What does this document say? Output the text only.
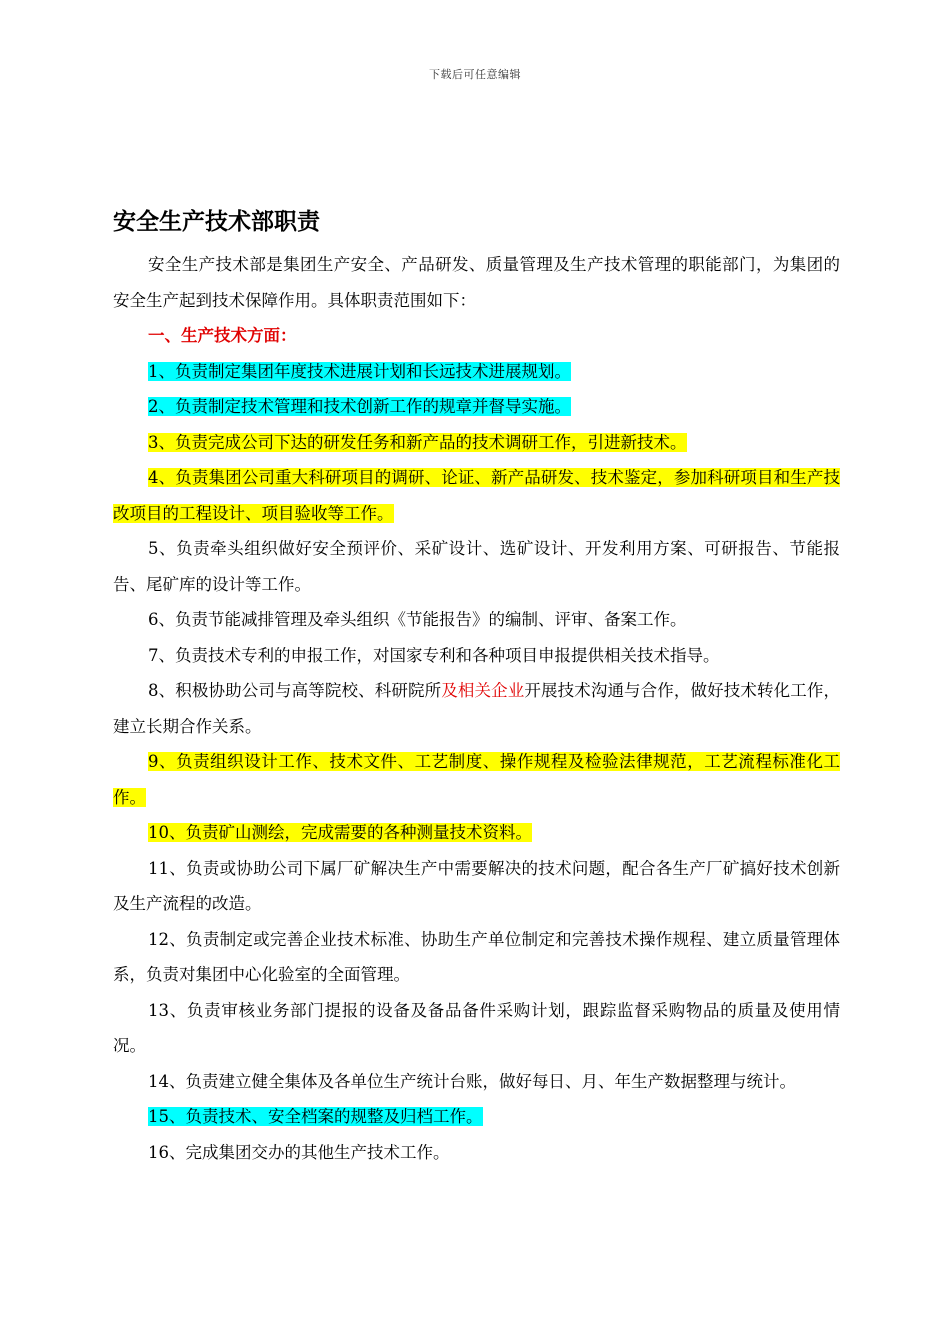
下载后可任意编辑
安全生产技术部职责

安全生产技术部是集团生产安全、产品研发、质量管理及生产技术管理的职能部门，为集团的安全生产起到技术保障作用。具体职责范围如下：

一、生产技术方面：

1、负责制定集团年度技术进展计划和长远技术进展规划。

2、负责制定技术管理和技术创新工作的规章并督导实施。

3、负责完成公司下达的研发任务和新产品的技术调研工作，引进新技术。

4、负责集团公司重大科研项目的调研、论证、新产品研发、技术鉴定，参加科研项目和生产技改项目的工程设计、项目验收等工作。

5、负责牵头组织做好安全预评价、采矿设计、选矿设计、开发利用方案、可研报告、节能报告、尾矿库的设计等工作。

6、负责节能减排管理及牵头组织《节能报告》的编制、评审、备案工作。

7、负责技术专利的申报工作，对国家专利和各种项目申报提供相关技术指导。

8、积极协助公司与高等院校、科研院所及相关企业开展技术沟通与合作，做好技术转化工作，建立长期合作关系。

9、负责组织设计工作、技术文件、工艺制度、操作规程及检验法律规范，工艺流程标准化工作。

10、负责矿山测绘，完成需要的各种测量技术资料。

11、负责或协助公司下属厂矿解决生产中需要解决的技术问题，配合各生产厂矿搞好技术创新及生产流程的改造。

12、负责制定或完善企业技术标准、协助生产单位制定和完善技术操作规程、建立质量管理体系，负责对集团中心化验室的全面管理。

13、负责审核业务部门提报的设备及备品备件采购计划，跟踪监督采购物品的质量及使用情况。

14、负责建立健全集体及各单位生产统计台账，做好每日、月、年生产数据整理与统计。

15、负责技术、安全档案的规整及归档工作。

16、完成集团交办的其他生产技术工作。
